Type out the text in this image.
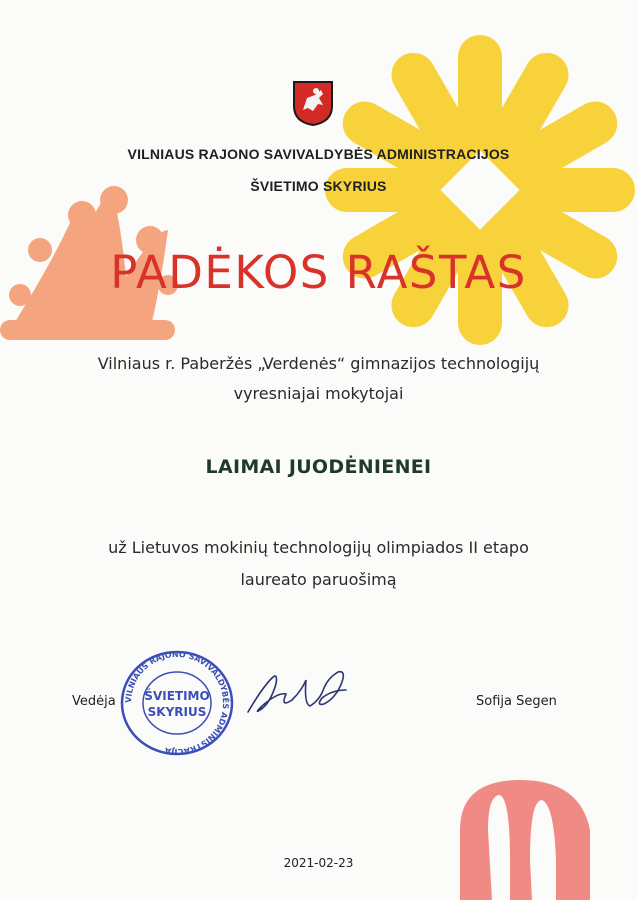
VILNIAUS RAJONO SAVIVALDYBĖS ADMINISTRACIJOS
ŠVIETIMO SKYRIUS
PADĖKOS RAŠTAS
Vilniaus r. Paberžės „Verdenės“ gimnazijos technologijų
vyresniajai mokytojai
LAIMAI JUODĖNIENEI
už Lietuvos mokinių technologijų olimpiados II etapo
laureato paruošimą
Vedėja	Sofija Segen
VILNIAUS RAJONO SAVIVALDYBĖS ADMINISTRACIJA
ŠVIETIMO
SKYRIUS
2021-02-23
